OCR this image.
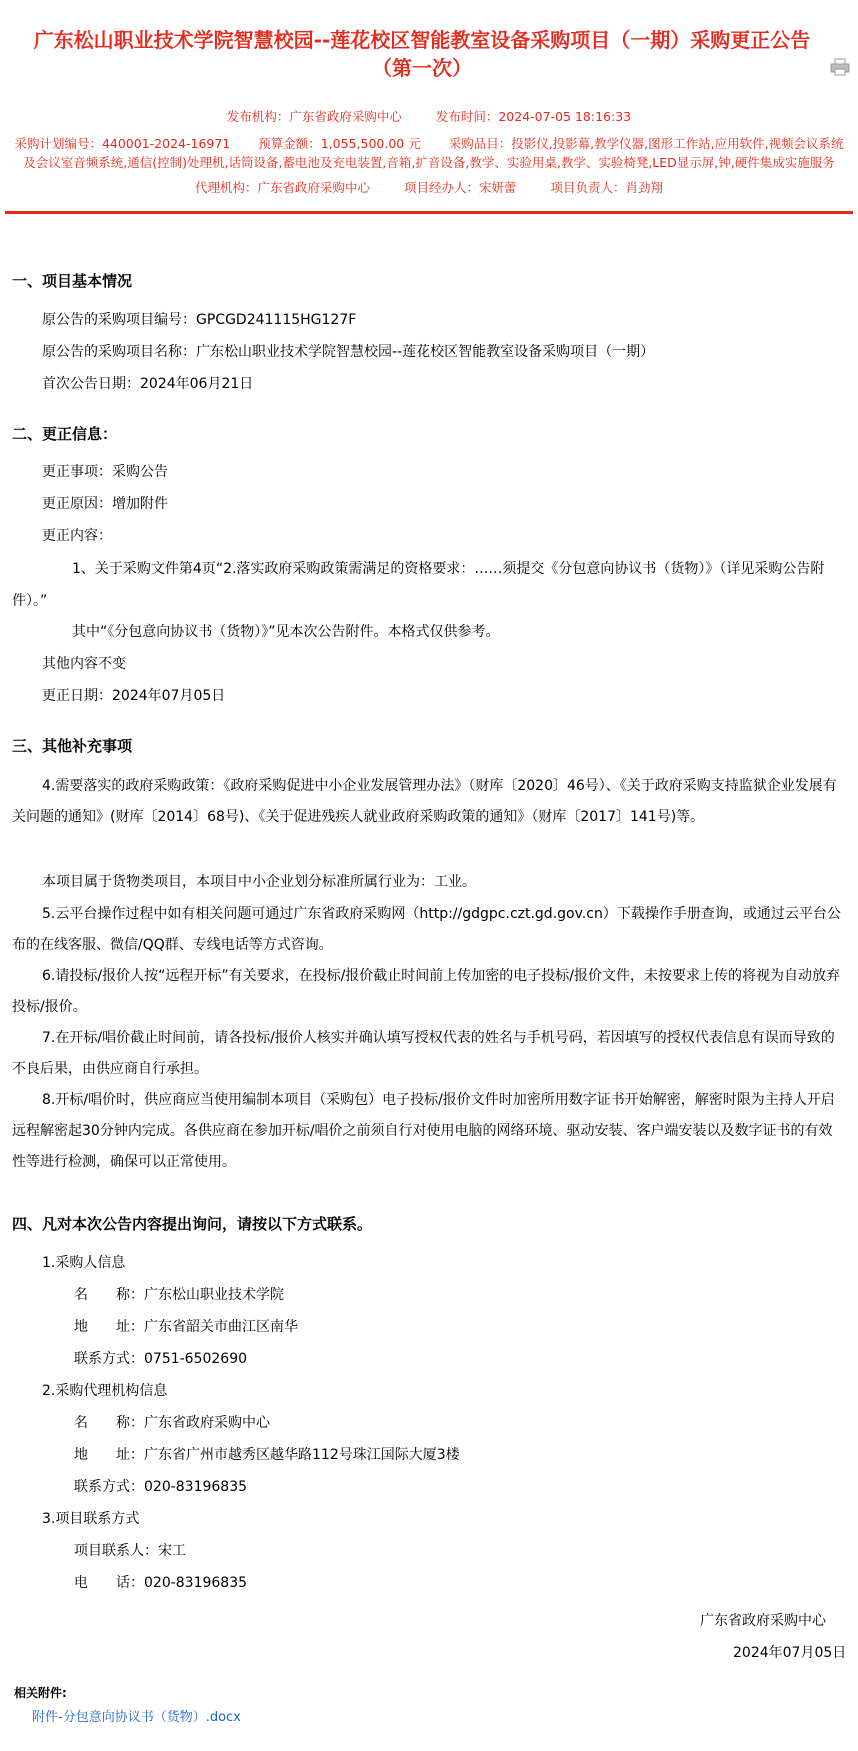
广东松山职业技术学院智慧校园--莲花校区智能教室设备采购项目（一期）采购更正公告（第一次）
发布机构：广东省政府采购中心	发布时间：2024-07-05 18:16:33
采购计划编号：440001-2024-16971 预算金额：1,055,500.00 元 采购品目：投影仪,投影幕,教学仪器,图形工作站,应用软件,视频会议系统及会议室音频系统,通信(控制)处理机,话筒设备,蓄电池及充电装置,音箱,扩音设备,教学、实验用桌,教学、实验椅凳,LED显示屏,钟,硬件集成实施服务
代理机构：广东省政府采购中心	项目经办人：宋妍蕾	项目负责人：肖劲翔
一、项目基本情况
原公告的采购项目编号：GPCGD241115HG127F
原公告的采购项目名称：广东松山职业技术学院智慧校园--莲花校区智能教室设备采购项目（一期）
首次公告日期：2024年06月21日
二、更正信息：
更正事项：采购公告
更正原因：增加附件
更正内容：
1、关于采购文件第4页“2.落实政府采购政策需满足的资格要求：……须提交《分包意向协议书（货物）》（详见采购公告附件）。”
其中“《分包意向协议书（货物）》”见本次公告附件。本格式仅供参考。
其他内容不变
更正日期：2024年07月05日
三、其他补充事项
4.需要落实的政府采购政策：《政府采购促进中小企业发展管理办法》（财库〔2020〕46号）、《关于政府采购支持监狱企业发展有关问题的通知》(财库〔2014〕68号)、《关于促进残疾人就业政府采购政策的通知》（财库〔2017〕141号)等。
本项目属于货物类项目，本项目中小企业划分标准所属行业为：工业。
5.云平台操作过程中如有相关问题可通过广东省政府采购网（http://gdgpc.czt.gd.gov.cn）下载操作手册查询，或通过云平台公布的在线客服、微信/QQ群、专线电话等方式咨询。
6.请投标/报价人按“远程开标”有关要求，在投标/报价截止时间前上传加密的电子投标/报价文件，未按要求上传的将视为自动放弃投标/报价。
7.在开标/唱价截止时间前，请各投标/报价人核实并确认填写授权代表的姓名与手机号码，若因填写的授权代表信息有误而导致的不良后果，由供应商自行承担。
8.开标/唱价时，供应商应当使用编制本项目（采购包）电子投标/报价文件时加密所用数字证书开始解密，解密时限为主持人开启远程解密起30分钟内完成。各供应商在参加开标/唱价之前须自行对使用电脑的网络环境、驱动安装、客户端安装以及数字证书的有效性等进行检测，确保可以正常使用。
四、凡对本次公告内容提出询问，请按以下方式联系。
1.采购人信息
名　　称：广东松山职业技术学院
地　　址：广东省韶关市曲江区南华
联系方式：0751-6502690
2.采购代理机构信息
名　　称：广东省政府采购中心
地　　址：广东省广州市越秀区越华路112号珠江国际大厦3楼
联系方式：020-83196835
3.项目联系方式
项目联系人：宋工
电　　话：020-83196835
广东省政府采购中心
2024年07月05日
相关附件:
附件-分包意向协议书（货物）.docx
